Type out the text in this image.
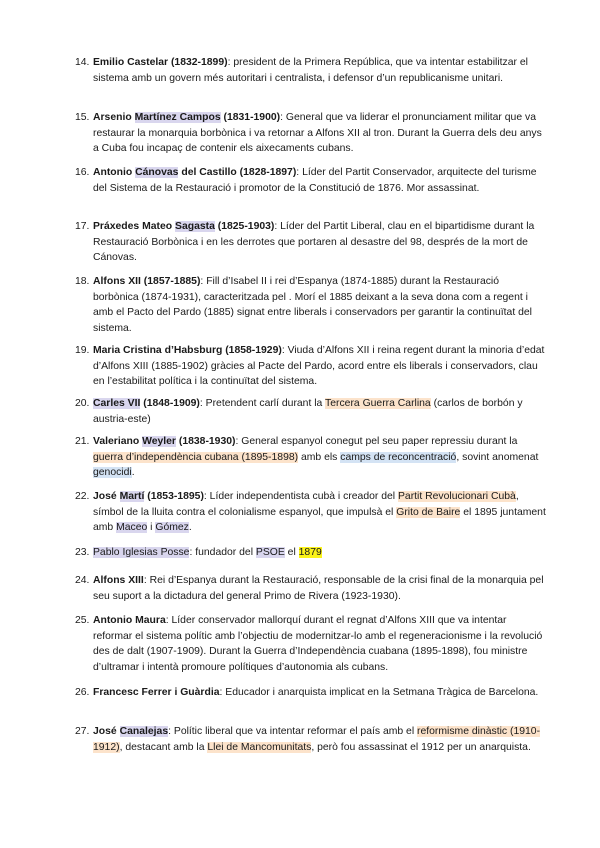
14. Emilio Castelar (1832-1899): president de la Primera República, que va intentar estabilitzar el sistema amb un govern més autoritari i centralista, i defensor d’un republicanisme unitari.
15. Arsenio Martínez Campos (1831-1900): General que va liderar el pronunciament militar que va restaurar la monarquia borbònica i va retornar a Alfons XII al tron. Durant la Guerra dels deu anys a Cuba fou incapaç de contenir els aixecaments cubans.
16. Antonio Cánovas del Castillo (1828-1897): Líder del Partit Conservador, arquitecte del turisme del Sistema de la Restauració i promotor de la Constitució de 1876. Mor assassinat.
17. Práxedes Mateo Sagasta (1825-1903): Líder del Partit Liberal, clau en el bipartidisme durant la Restauració Borbònica i en les derrotes que portaren al desastre del 98, després de la mort de Cánovas.
18. Alfons XII (1857-1885): Fill d’Isabel II i rei d’Espanya (1874-1885) durant la Restauració borbònica (1874-1931), caracteritzada pel . Morí el 1885 deixant a la seva dona com a regent i amb el Pacto del Pardo (1885) signat entre liberals i conservadors per garantir la continuïtat del sistema.
19. Maria Cristina d’Habsburg (1858-1929): Viuda d’Alfons XII i reina regent durant la minoria d’edat d’Alfons XIII (1885-1902) gràcies al Pacte del Pardo, acord entre els liberals i conservadors, clau en l’estabilitat política i la continuïtat del sistema.
20. Carles VII (1848-1909): Pretendent carlí durant la Tercera Guerra Carlina (carlos de borbón y austria-este)
21. Valeriano Weyler (1838-1930): General espanyol conegut pel seu paper repressiu durant la guerra d’independència cubana (1895-1898) amb els camps de reconcentració, sovint anomenat genocidi.
22. José Martí (1853-1895): Líder independentista cubà i creador del Partit Revolucionari Cubà, símbol de la lluita contra el colonialisme espanyol, que impulsà el Grito de Baire el 1895 juntament amb Maceo i Gómez.
23. Pablo Iglesias Posse: fundador del PSOE el 1879
24. Alfons XIII: Rei d’Espanya durant la Restauració, responsable de la crisi final de la monarquia pel seu suport a la dictadura del general Primo de Rivera (1923-1930).
25. Antonio Maura: Líder conservador mallorquí durant el regnat d’Alfons XIII que va intentar reformar el sistema polític amb l’objectiu de modernitzar-lo amb el regeneracionisme i la revolució des de dalt (1907-1909). Durant la Guerra d’Independència cuabana (1895-1898), fou ministre d’ultramar i intentà promoure polítiques d’autonomia als cubans.
26. Francesc Ferrer i Guàrdia: Educador i anarquista implicat en la Setmana Tràgica de Barcelona.
27. José Canalejas: Polític liberal que va intentar reformar el país amb el reformisme dinàstic (1910-1912), destacant amb la Llei de Mancomunitats, però fou assassinat el 1912 per un anarquista.
